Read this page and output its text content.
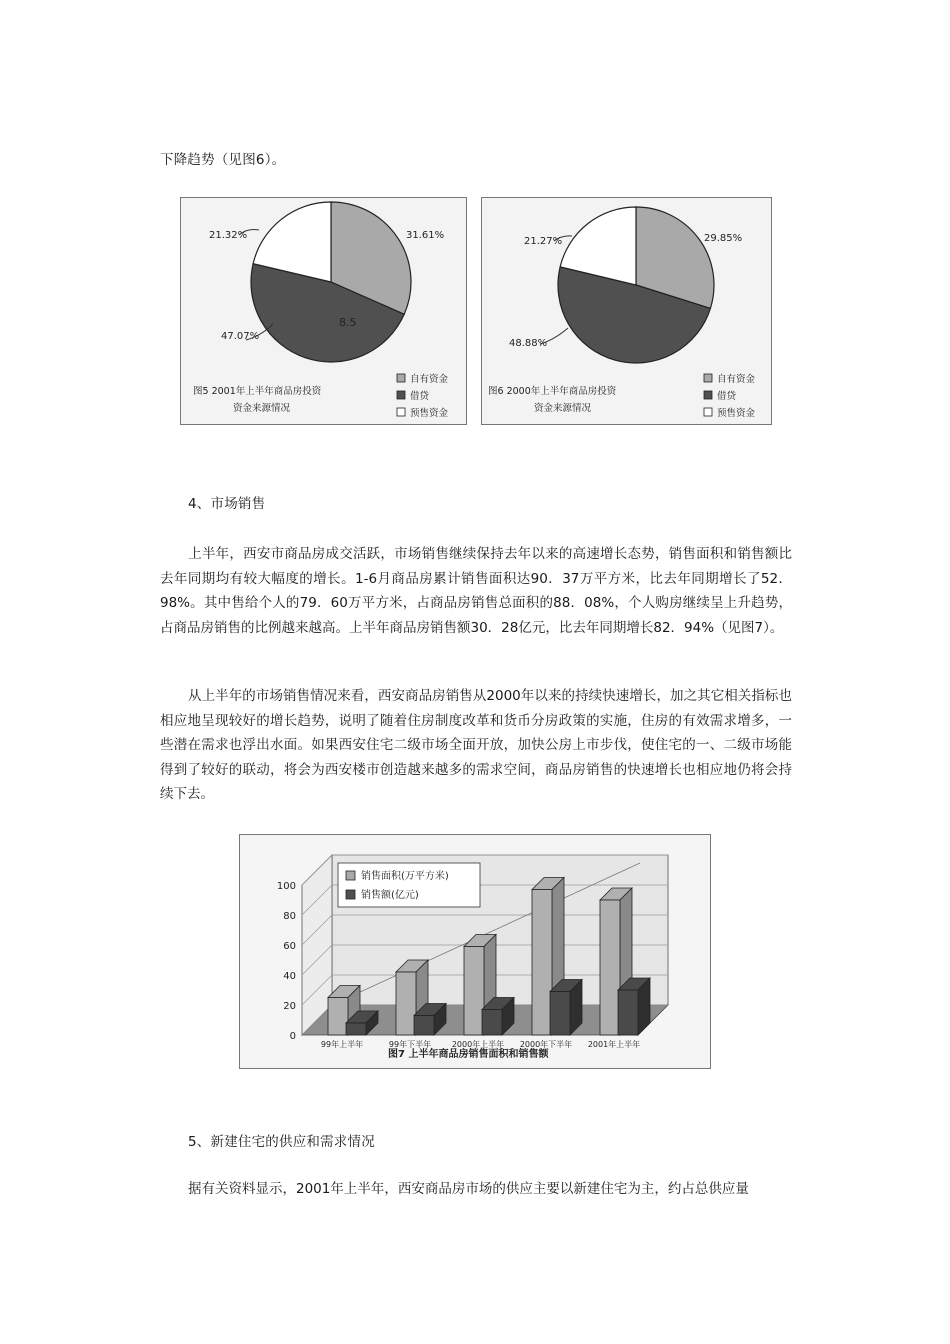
下降趋势（见图6）。
8.5
31.61%
47.07%
21.32%
图5 2001年上半年商品房投资
资金来源情况
自有资金
借贷
预售资金
29.85%
48.88%
21.27%
图6 2000年上半年商品房投资
资金来源情况
自有资金
借贷
预售资金
4、市场销售
上半年，西安市商品房成交活跃，市场销售继续保持去年以来的高速增长态势，销售面积和销售额比去年同期均有较大幅度的增长。1-6月商品房累计销售面积达90．37万平方米，比去年同期增长了52．98%。其中售给个人的79．60万平方米，占商品房销售总面积的88．08%，个人购房继续呈上升趋势，占商品房销售的比例越来越高。上半年商品房销售额30．28亿元，比去年同期增长82．94%（见图7）。
从上半年的市场销售情况来看，西安商品房销售从2000年以来的持续快速增长，加之其它相关指标也相应地呈现较好的增长趋势，说明了随着住房制度改革和货币分房政策的实施，住房的有效需求增多，一些潜在需求也浮出水面。如果西安住宅二级市场全面开放，加快公房上市步伐，使住宅的一、二级市场能得到了较好的联动，将会为西安楼市创造越来越多的需求空间，商品房销售的快速增长也相应地仍将会持续下去。
0
20
40
60
80
100
99年上半年	99年下半年	2000年上半年 2000年下半年 2001年上半年
销售面积(万平方米)
销售额(亿元)
图7 上半年商品房销售面积和销售额
5、新建住宅的供应和需求情况
据有关资料显示，2001年上半年，西安商品房市场的供应主要以新建住宅为主，约占总供应量
